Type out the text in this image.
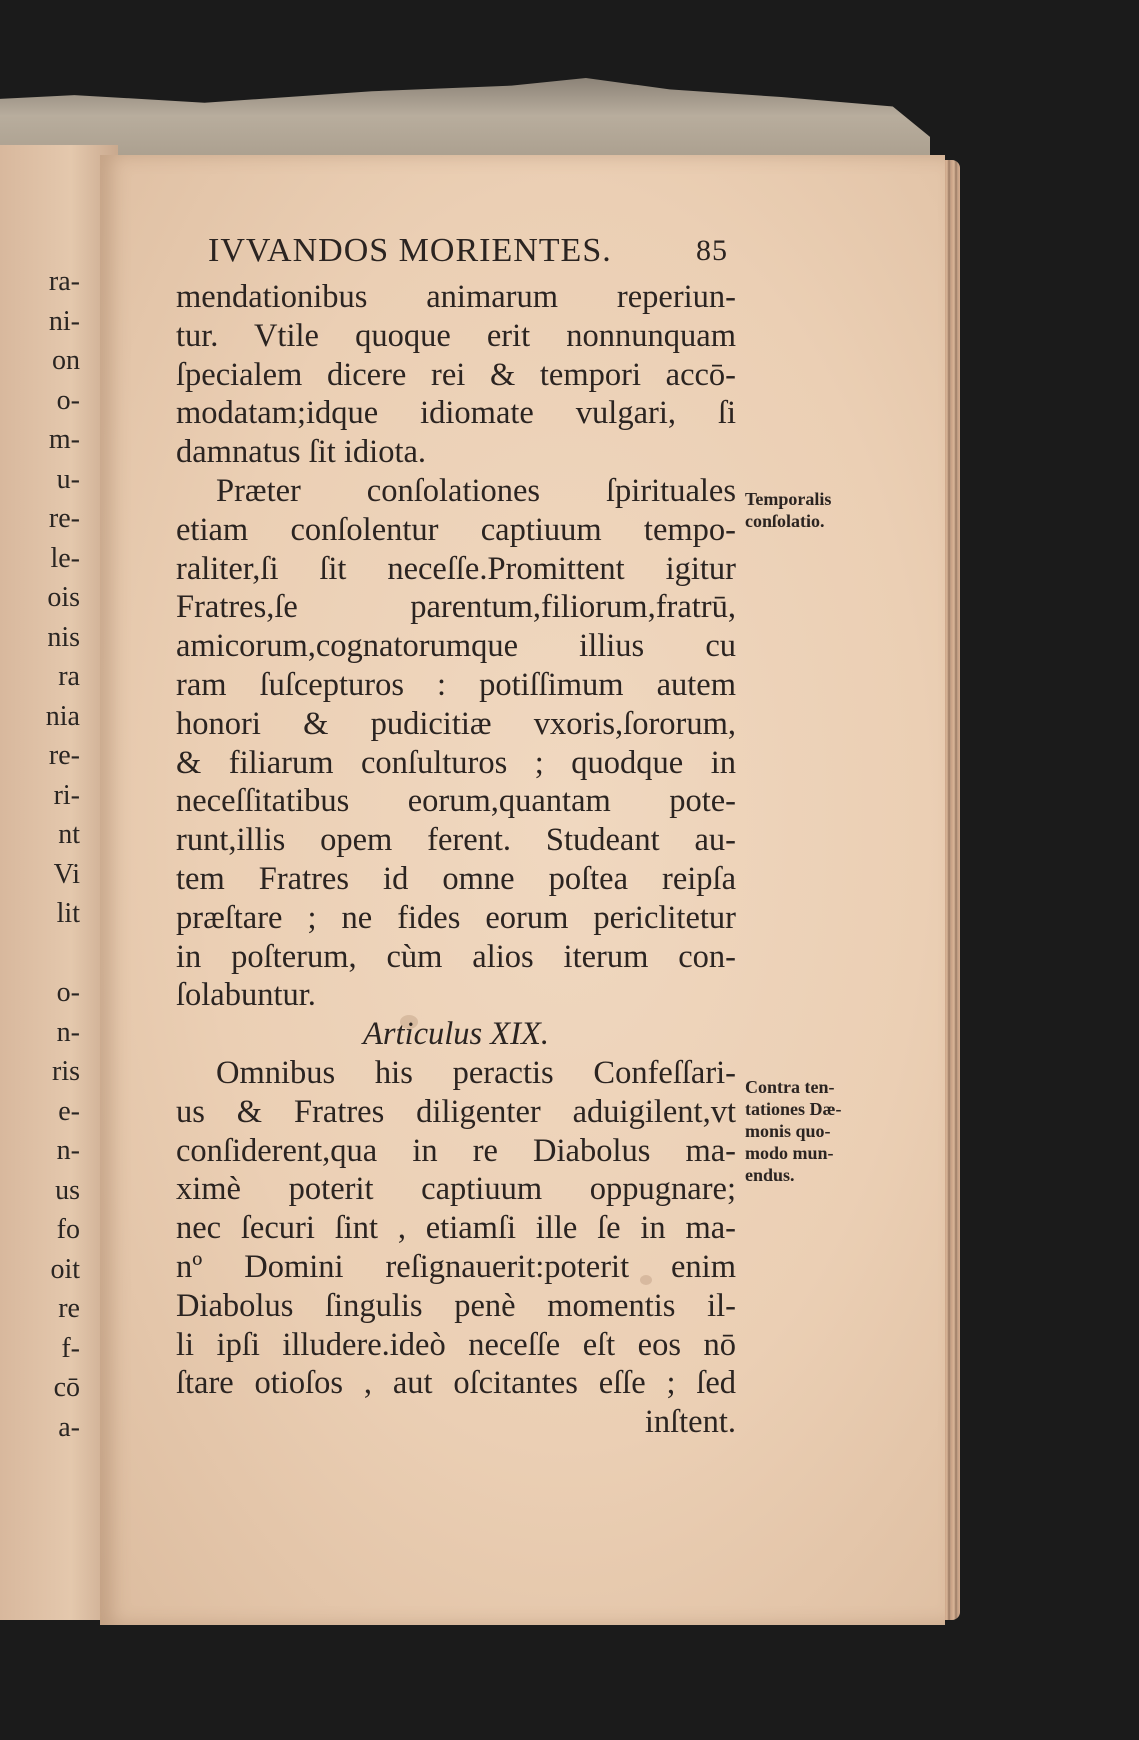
ra-
ni-
on
o-
m-
u-
re-
le-
ois
nis
ra
nia
re-
ri-
nt
Vi
lit
o-
n-
ris
e-
n-
us
fo
oit
re
f-
cō
a-
IVVANDOS MORIENTES.	85
mendationibus animarum reperiun-
tur. Vtile quoque erit nonnunquam
ſpecialem dicere rei & tempori accō-
modatam;idque idiomate vulgari, ſi
damnatus ſit idiota.
Præter conſolationes ſpirituales
etiam conſolentur captiuum tempo-
raliter,ſi ſit neceſſe.Promittent igitur
Fratres,ſe parentum,filiorum,fratrū,
amicorum,cognatorumque illius cu
ram ſuſcepturos : potiſſimum autem
honori & pudicitiæ vxoris,ſororum,
& filiarum conſulturos ; quodque in
neceſſitatibus eorum,quantam pote-
runt,illis opem ferent. Studeant au-
tem Fratres id omne poſtea reipſa
præſtare ; ne fides eorum periclitetur
in poſterum, cùm alios iterum con-
ſolabuntur.
Articulus XIX.
Omnibus his peractis Confeſſari-
us & Fratres diligenter aduigilent,vt
conſiderent,qua in re Diabolus ma-
ximè poterit captiuum oppugnare;
nec ſecuri ſint , etiamſi ille ſe in ma-
nº Domini reſignauerit:poterit enim
Diabolus ſingulis penè momentis il-
li ipſi illudere.ideò neceſſe eſt eos nō
ſtare otioſos , aut oſcitantes eſſe ; ſed
inſtent.
Temporalis
conſolatio.
Contra ten-
tationes Dæ-
monis quo-
modo mun-
endus.
